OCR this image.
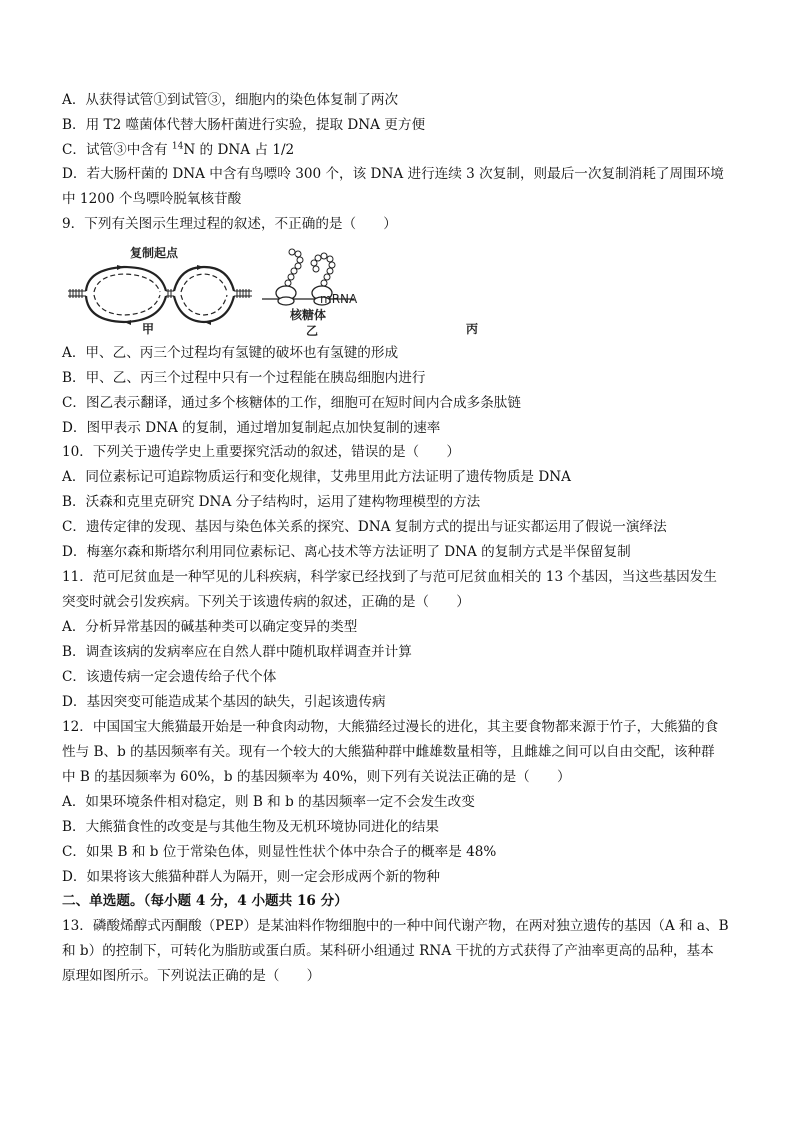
A．从获得试管①到试管③，细胞内的染色体复制了两次
B．用 T2 噬菌体代替大肠杆菌进行实验，提取 DNA 更方便
C．试管③中含有 $^{14}$N 的 DNA 占 1/2
D．若大肠杆菌的 DNA 中含有鸟嘌呤 300 个，该 DNA 进行连续 3 次复制，则最后一次复制消耗了周围环境
中 1200 个鸟嘌呤脱氧核苷酸
9．下列有关图示生理过程的叙述，不正确的是（　　）
复制起点
甲
mRNA
核糖体
乙	丙
A．甲、乙、丙三个过程均有氢键的破坏也有氢键的形成
B．甲、乙、丙三个过程中只有一个过程能在胰岛细胞内进行
C．图乙表示翻译，通过多个核糖体的工作，细胞可在短时间内合成多条肽链
D．图甲表示 DNA 的复制，通过增加复制起点加快复制的速率
10．下列关于遗传学史上重要探究活动的叙述，错误的是（　　）
A．同位素标记可追踪物质运行和变化规律，艾弗里用此方法证明了遗传物质是 DNA
B．沃森和克里克研究 DNA 分子结构时，运用了建构物理模型的方法
C．遗传定律的发现、基因与染色体关系的探究、DNA 复制方式的提出与证实都运用了假说一演绎法
D．梅塞尔森和斯塔尔利用同位素标记、离心技术等方法证明了 DNA 的复制方式是半保留复制
11．范可尼贫血是一种罕见的儿科疾病，科学家已经找到了与范可尼贫血相关的 13 个基因，当这些基因发生
突变时就会引发疾病。下列关于该遗传病的叙述，正确的是（　　）
A．分析异常基因的碱基种类可以确定变异的类型
B．调查该病的发病率应在自然人群中随机取样调查并计算
C．该遗传病一定会遗传给子代个体
D．基因突变可能造成某个基因的缺失，引起该遗传病
12．中国国宝大熊猫最开始是一种食肉动物，大熊猫经过漫长的进化，其主要食物都来源于竹子，大熊猫的食
性与 B、b 的基因频率有关。现有一个较大的大熊猫种群中雌雄数量相等，且雌雄之间可以自由交配，该种群
中 B 的基因频率为 60%，b 的基因频率为 40%，则下列有关说法正确的是（　　）
A．如果环境条件相对稳定，则 B 和 b 的基因频率一定不会发生改变
B．大熊猫食性的改变是与其他生物及无机环境协同进化的结果
C．如果 B 和 b 位于常染色体，则显性性状个体中杂合子的概率是 48%
D．如果将该大熊猫种群人为隔开，则一定会形成两个新的物种
二、单选题。（每小题 4 分，4 小题共 16 分）
13．磷酸烯醇式丙酮酸（PEP）是某油料作物细胞中的一种中间代谢产物，在两对独立遗传的基因（A 和 a、B
和 b）的控制下，可转化为脂肪或蛋白质。某科研小组通过 RNA 干扰的方式获得了产油率更高的品种，基本
原理如图所示。下列说法正确的是（　　）
